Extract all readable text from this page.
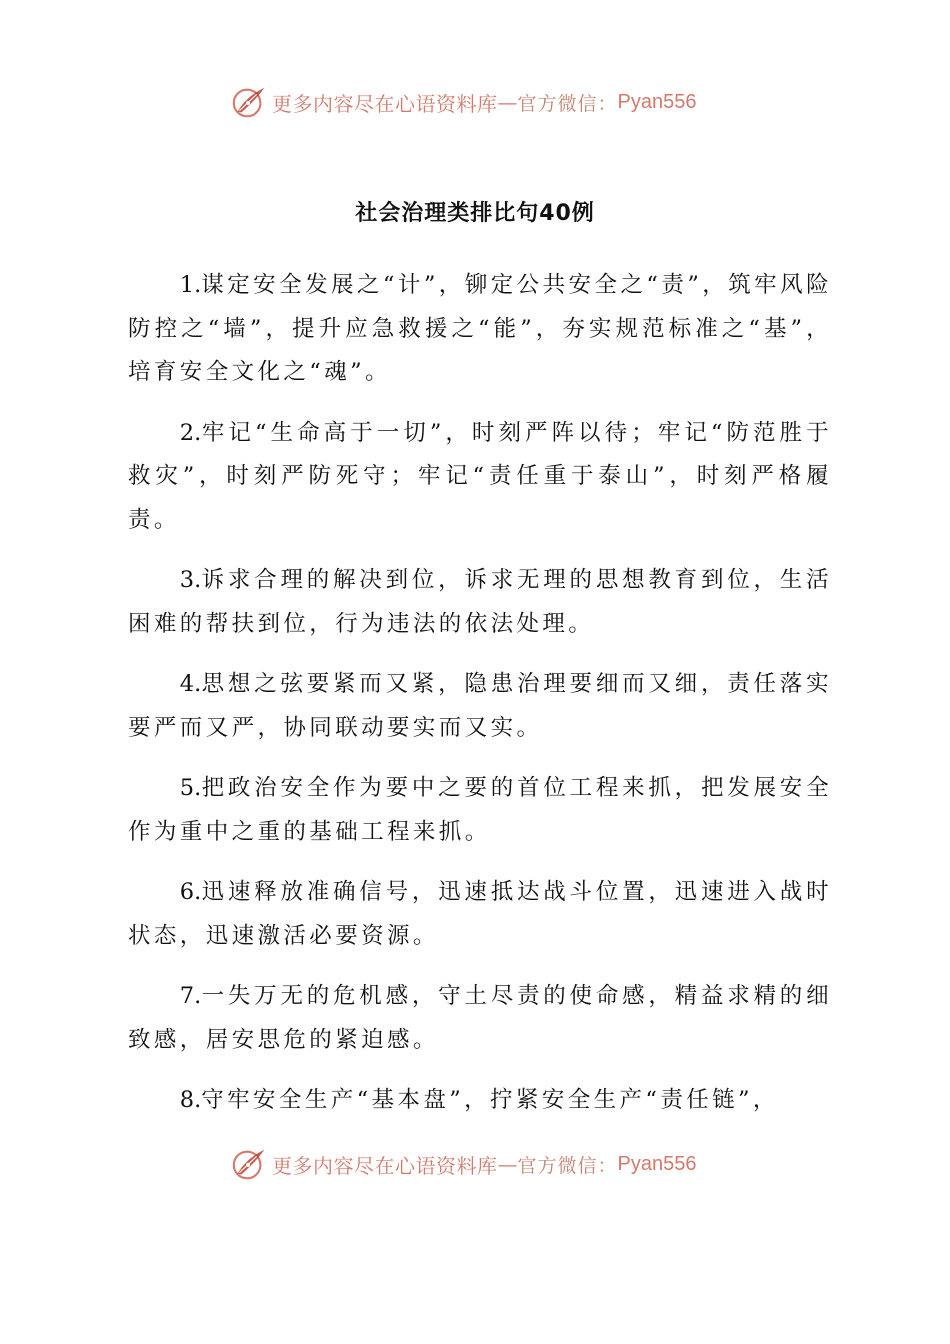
更多内容尽在心语资料库 — 官方微信： Pyan556
社会治理类排比句40例

1.谋定安全发展之“计”，铆定公共安全之“责”，筑牢风险防控之“墙”，提升应急救援之“能”，夯实规范标准之“基”，培育安全文化之“魂”。

2.牢记“生命高于一切”，时刻严阵以待；牢记“防范胜于救灾”，时刻严防死守；牢记“责任重于泰山”，时刻严格履责。

3.诉求合理的解决到位，诉求无理的思想教育到位，生活困难的帮扶到位，行为违法的依法处理。

4.思想之弦要紧而又紧，隐患治理要细而又细，责任落实要严而又严，协同联动要实而又实。

5.把政治安全作为要中之要的首位工程来抓，把发展安全作为重中之重的基础工程来抓。

6.迅速释放准确信号，迅速抵达战斗位置，迅速进入战时状态，迅速激活必要资源。

7.一失万无的危机感，守土尽责的使命感，精益求精的细致感，居安思危的紧迫感。

8.守牢安全生产“基本盘”，拧紧安全生产“责任链”，

更多内容尽在心语资料库 — 官方微信： Pyan556
